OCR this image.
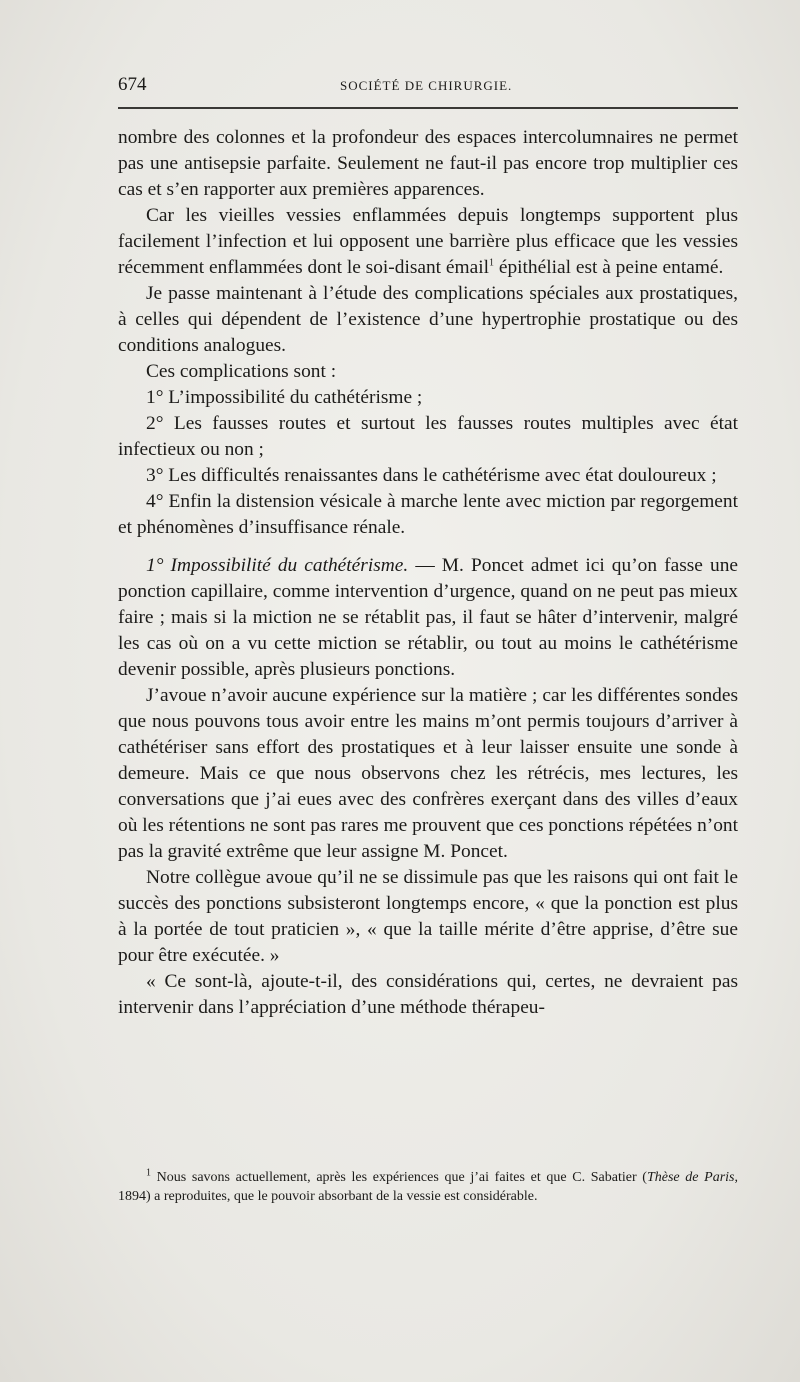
674	SOCIÉTÉ DE CHIRURGIE.

nombre des colonnes et la profondeur des espaces intercolumnaires ne permet pas une antisepsie parfaite. Seulement ne faut-il pas encore trop multiplier ces cas et s’en rapporter aux premières apparences.

Car les vieilles vessies enflammées depuis longtemps supportent plus facilement l’infection et lui opposent une barrière plus efficace que les vessies récemment enflammées dont le soi-disant émail$^1$ épithélial est à peine entamé.

Je passe maintenant à l’étude des complications spéciales aux prostatiques, à celles qui dépendent de l’existence d’une hypertrophie prostatique ou des conditions analogues.

Ces complications sont :

1° L’impossibilité du cathétérisme ;

2° Les fausses routes et surtout les fausses routes multiples avec état infectieux ou non ;

3° Les difficultés renaissantes dans le cathétérisme avec état douloureux ;

4° Enfin la distension vésicale à marche lente avec miction par regorgement et phénomènes d’insuffisance rénale.

1° Impossibilité du cathétérisme. — M. Poncet admet ici qu’on fasse une ponction capillaire, comme intervention d’urgence, quand on ne peut pas mieux faire ; mais si la miction ne se rétablit pas, il faut se hâter d’intervenir, malgré les cas où on a vu cette miction se rétablir, ou tout au moins le cathétérisme devenir possible, après plusieurs ponctions.

J’avoue n’avoir aucune expérience sur la matière ; car les différentes sondes que nous pouvons tous avoir entre les mains m’ont permis toujours d’arriver à cathétériser sans effort des prostatiques et à leur laisser ensuite une sonde à demeure. Mais ce que nous observons chez les rétrécis, mes lectures, les conversations que j’ai eues avec des confrères exerçant dans des villes d’eaux où les rétentions ne sont pas rares me prouvent que ces ponctions répétées n’ont pas la gravité extrême que leur assigne M. Poncet.

Notre collègue avoue qu’il ne se dissimule pas que les raisons qui ont fait le succès des ponctions subsisteront longtemps encore, « que la ponction est plus à la portée de tout praticien », « que la taille mérite d’être apprise, d’être sue pour être exécutée. »

« Ce sont-là, ajoute-t-il, des considérations qui, certes, ne devraient pas intervenir dans l’appréciation d’une méthode thérapeu-

$^1$ Nous savons actuellement, après les expériences que j’ai faites et que C. Sabatier (Thèse de Paris, 1894) a reproduites, que le pouvoir absorbant de la vessie est considérable.
